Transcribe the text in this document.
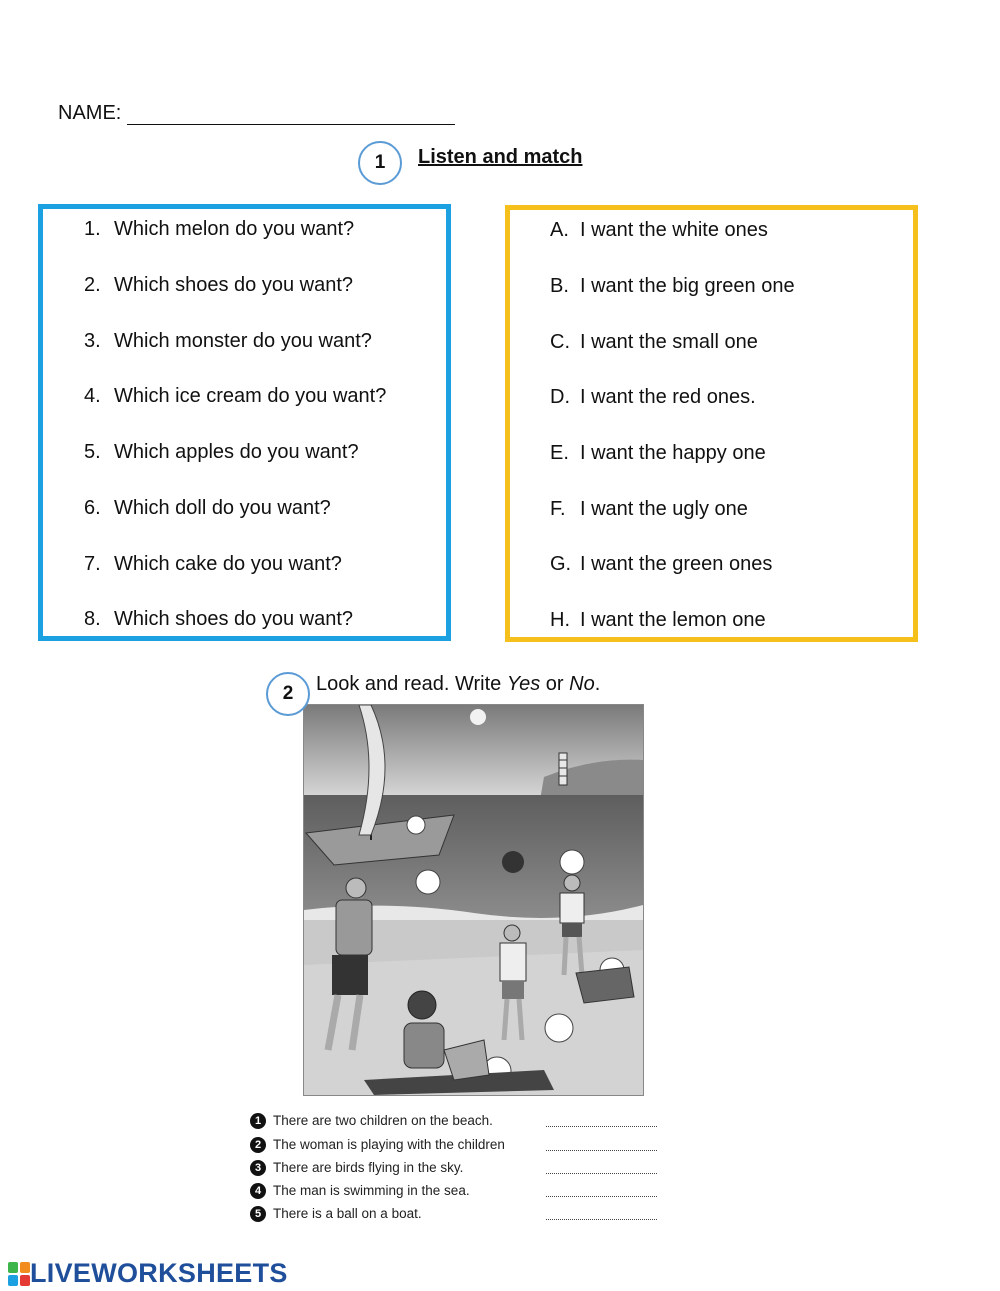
NAME:
1	Listen and match
1. Which melon do you want?
2. Which shoes do you want?
3. Which monster do you want?
4. Which ice cream do you want?
5. Which apples do you want?
6. Which doll do you want?
7. Which cake do you want?
8. Which shoes do you want?
A. I want the white ones
B. I want the big green one
C. I want the small one
D. I want the red ones.
E. I want the happy one
F. I want the ugly one
G. I want the green ones
H. I want the lemon one
2	Look and read. Write Yes or No.
1 There are two children on the beach.
2 The woman is playing with the children
3 There are birds flying in the sky.
4 The man is swimming in the sea.
5 There is a ball on a boat.
LIVEWORKSHEETS
